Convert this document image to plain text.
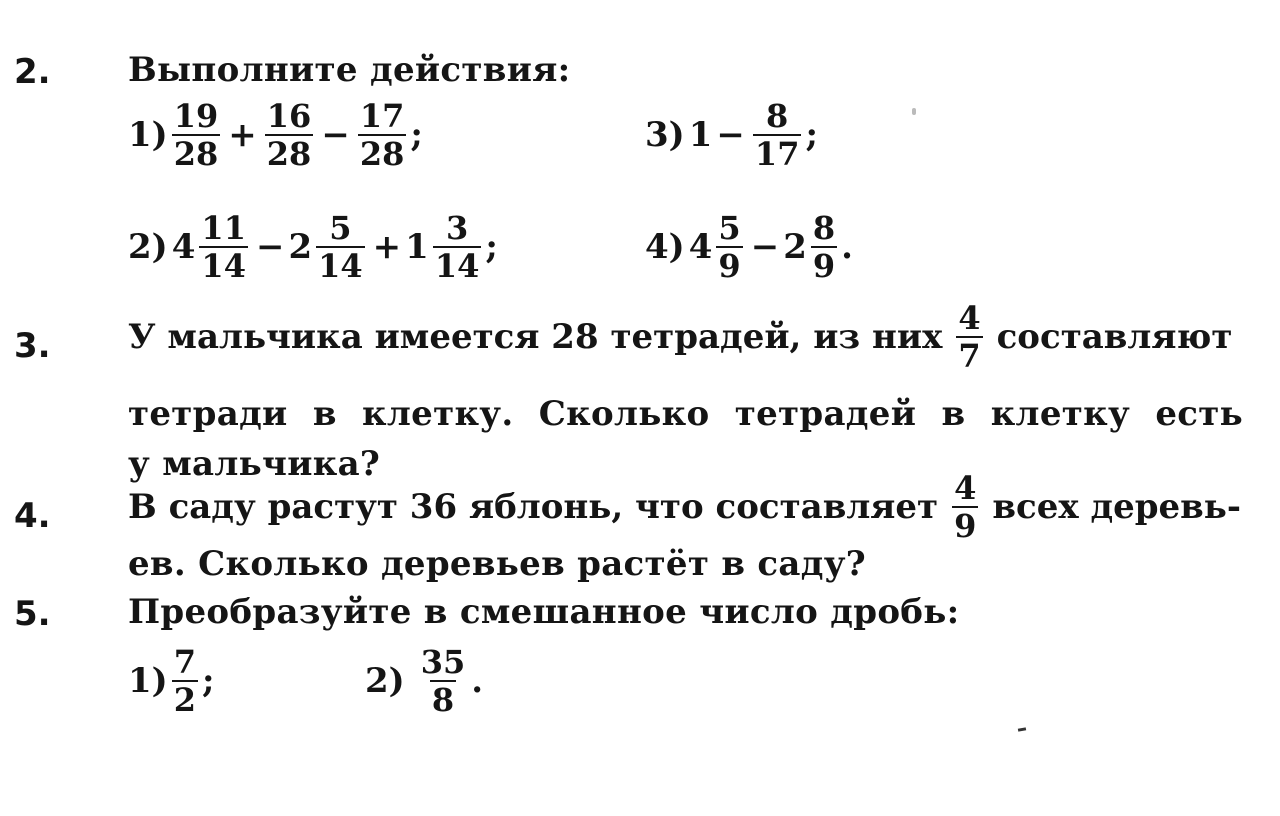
2. Выполните действия:
$1) \frac{19}{28} + \frac{16}{28} - \frac{17}{28}$ ;
2) $4 \frac{11}{14} - 2 \frac{5}{14} + 1 \frac{3}{14}$ ;
3) $1 - \frac{8}{17}$ ;
4) $4 \frac{5}{9} - 2 \frac{8}{9}$ .
3. У мальчика имеется 28 тетрадей, из них $\frac{4}{7}$ составляют
тетради в клетку. Сколько тетрадей в клетку есть
у мальчика?
4. В саду растут 36 яблонь, что составляет $\frac{4}{9}$ всех деревь-
ев. Сколько деревьев растёт в саду?
5. Преобразуйте в смешанное число дробь:
$1) \frac{7}{2}$ ;	$2) \frac{35}{8}$ .
